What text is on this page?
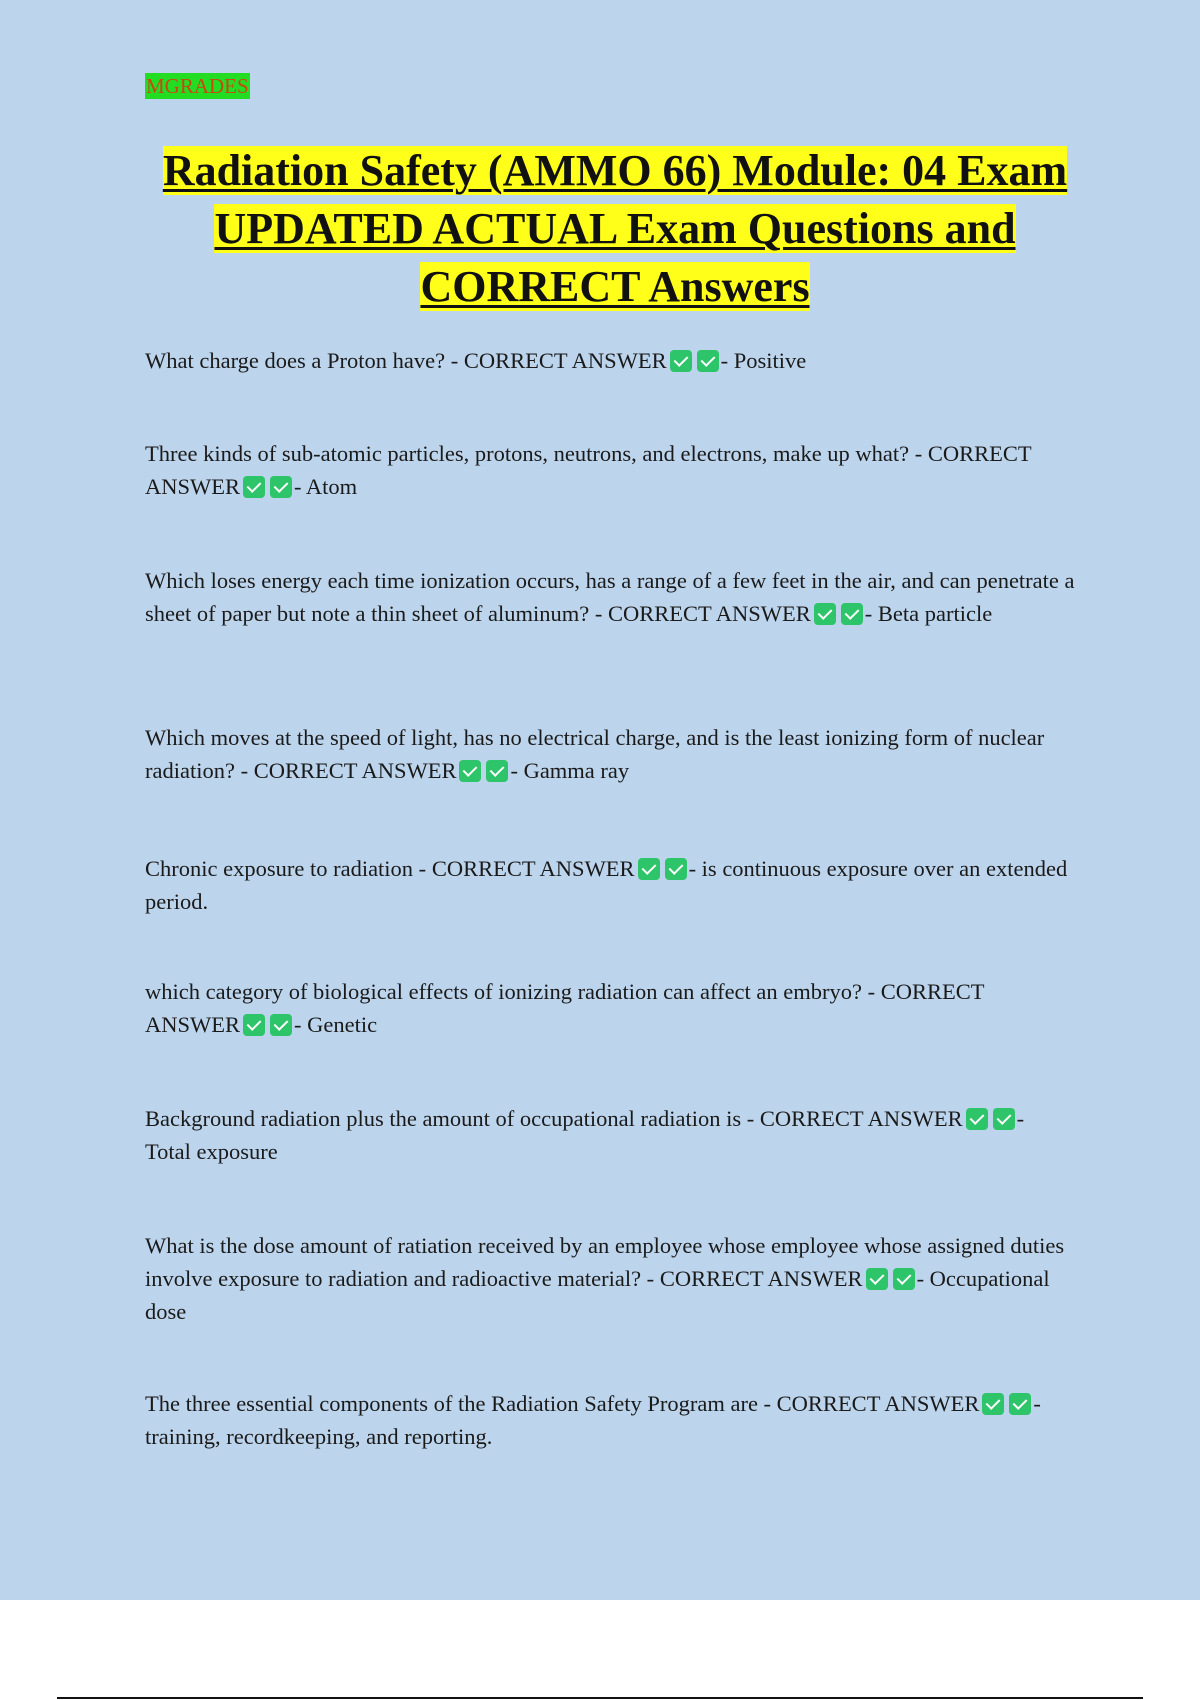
MGRADES
Radiation Safety (AMMO 66) Module: 04 Exam UPDATED ACTUAL Exam Questions and CORRECT Answers

What charge does a Proton have? - CORRECT ANSWER - Positive

Three kinds of sub-atomic particles, protons, neutrons, and electrons, make up what? - CORRECT ANSWER - Atom

Which loses energy each time ionization occurs, has a range of a few feet in the air, and can penetrate a sheet of paper but note a thin sheet of aluminum? - CORRECT ANSWER - Beta particle

Which moves at the speed of light, has no electrical charge, and is the least ionizing form of nuclear radiation? - CORRECT ANSWER - Gamma ray

Chronic exposure to radiation - CORRECT ANSWER - is continuous exposure over an extended period.

which category of biological effects of ionizing radiation can affect an embryo? - CORRECT ANSWER - Genetic

Background radiation plus the amount of occupational radiation is - CORRECT ANSWER - Total exposure

What is the dose amount of ratiation received by an employee whose employee whose assigned duties involve exposure to radiation and radioactive material? - CORRECT ANSWER - Occupational dose

The three essential components of the Radiation Safety Program are - CORRECT ANSWER - training, recordkeeping, and reporting.
